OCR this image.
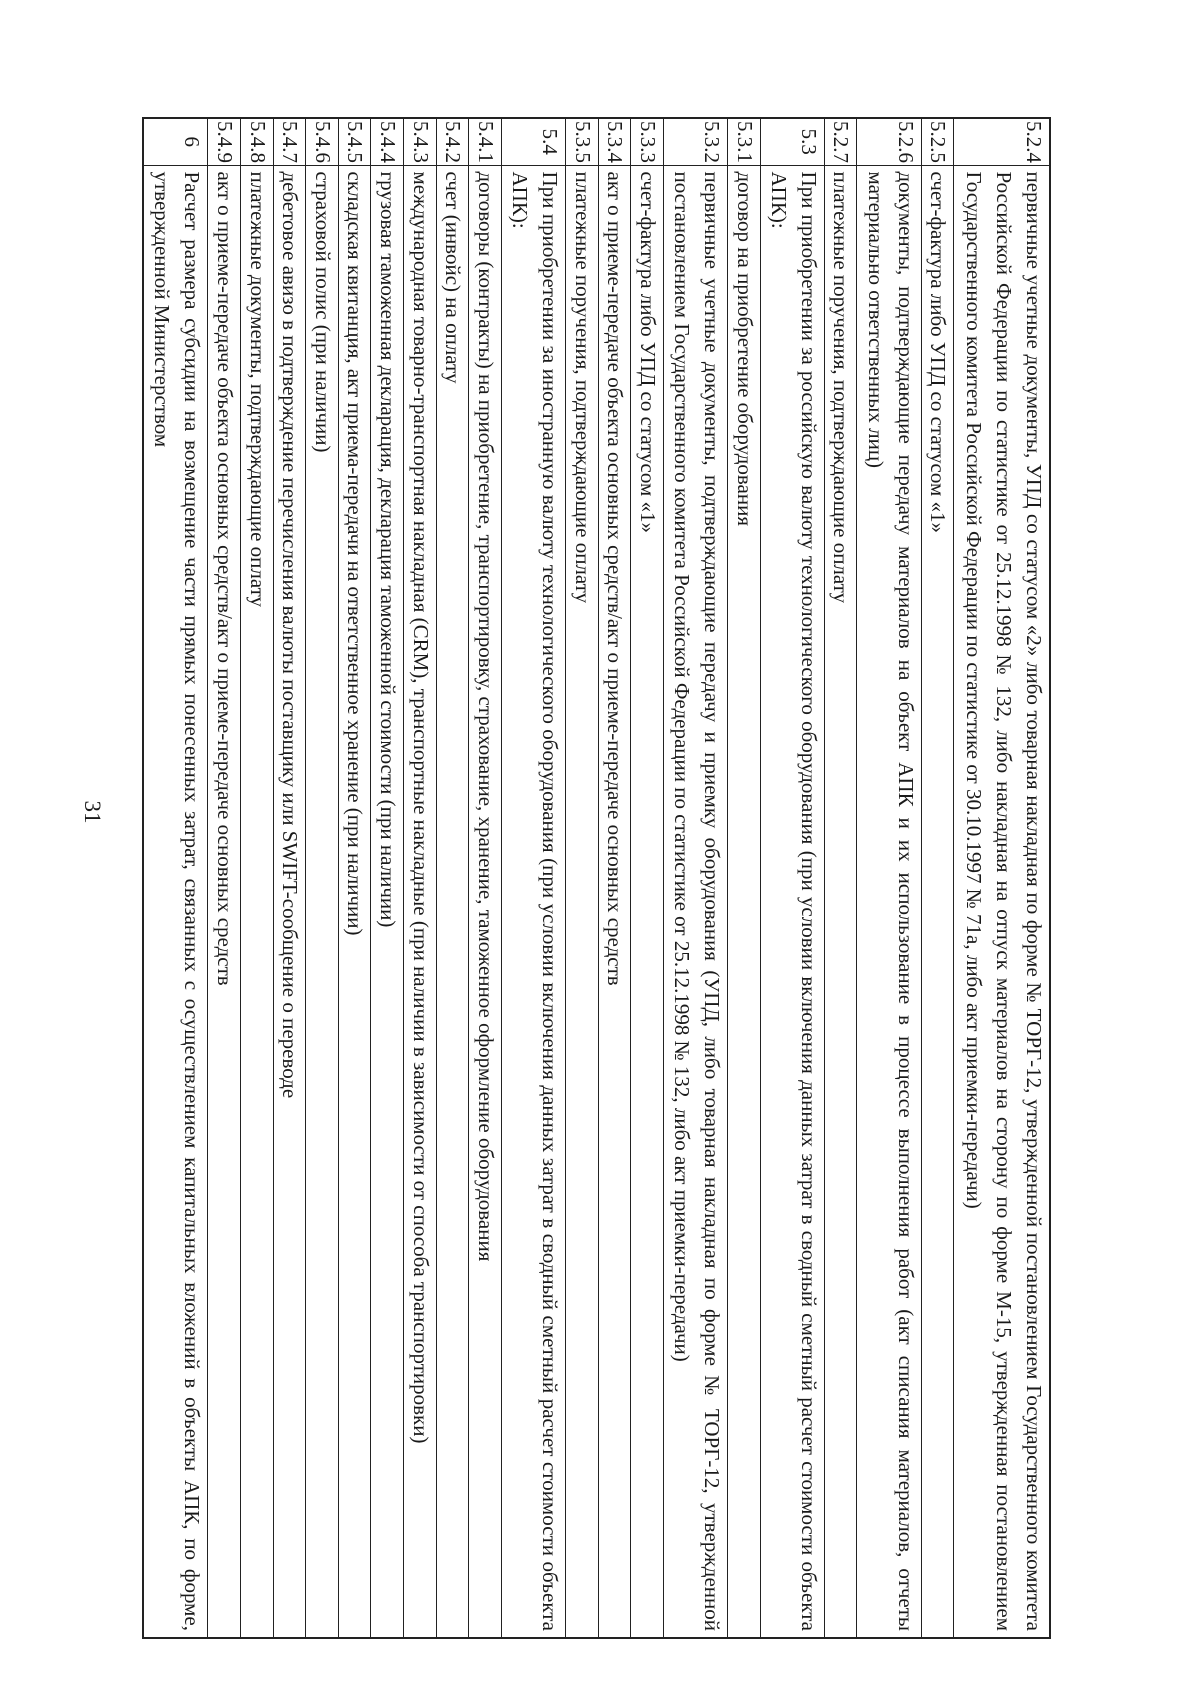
31
5.2.4	первичные учетные документы, УПД со статусом «2» либо товарная накладная по форме № ТОРГ-12, утвержденной постановлением Государственного комитета Российской Федерации по статистике от 25.12.1998 № 132, либо накладная на отпуск материалов на сторону по форме М-15, утвержденная постановлением Государственного комитета Российской Федерации по статистике от 30.10.1997 № 71а, либо акт приемки-передачи)
5.2.5	счет-фактура либо УПД со статусом «1»
5.2.6	документы, подтверждающие передачу материалов на объект АПК и их использование в процессе выполнения работ (акт списания материалов, отчеты материально ответственных лиц)
5.2.7	платежные поручения, подтверждающие оплату
5.3	При приобретении за российскую валюту технологического оборудования (при условии включения данных затрат в сводный сметный расчет стоимости объекта АПК):
5.3.1	договор на приобретение оборудования
5.3.2	первичные учетные документы, подтверждающие передачу и приемку оборудования (УПД, либо товарная накладная по форме № ТОРГ-12, утвержденной постановлением Государственного комитета Российской Федерации по статистике от 25.12.1998 № 132, либо акт приемки-передачи)
5.3.3	счет-фактура либо УПД со статусом «1»
5.3.4	акт о приеме-передаче объекта основных средств/акт о приеме-передаче основных средств
5.3.5	платежные поручения, подтверждающие оплату
5.4	При приобретении за иностранную валюту технологического оборудования (при условии включения данных затрат в сводный сметный расчет стоимости объекта АПК):
5.4.1	договоры (контракты) на приобретение, транспортировку, страхование, хранение, таможенное оформление оборудования
5.4.2	счет (инвойс) на оплату
5.4.3	международная товарно-транспортная накладная (CRM), транспортные накладные (при наличии в зависимости от способа транспортировки)
5.4.4	грузовая таможенная декларация, декларация таможенной стоимости (при наличии)
5.4.5	складская квитанция, акт приема-передачи на ответственное хранение (при наличии)
5.4.6	страховой полис (при наличии)
5.4.7	дебетовое авизо в подтверждение перечисления валюты поставщику или SWIFT-сообщение о переводе
5.4.8	платежные документы, подтверждающие оплату
5.4.9	акт о приеме-передаче объекта основных средств/акт о приеме-передаче основных средств
6	Расчет размера субсидии на возмещение части прямых понесенных затрат, связанных с осуществлением капитальных вложений в объекты АПК, по форме, утвержденной Министерством
